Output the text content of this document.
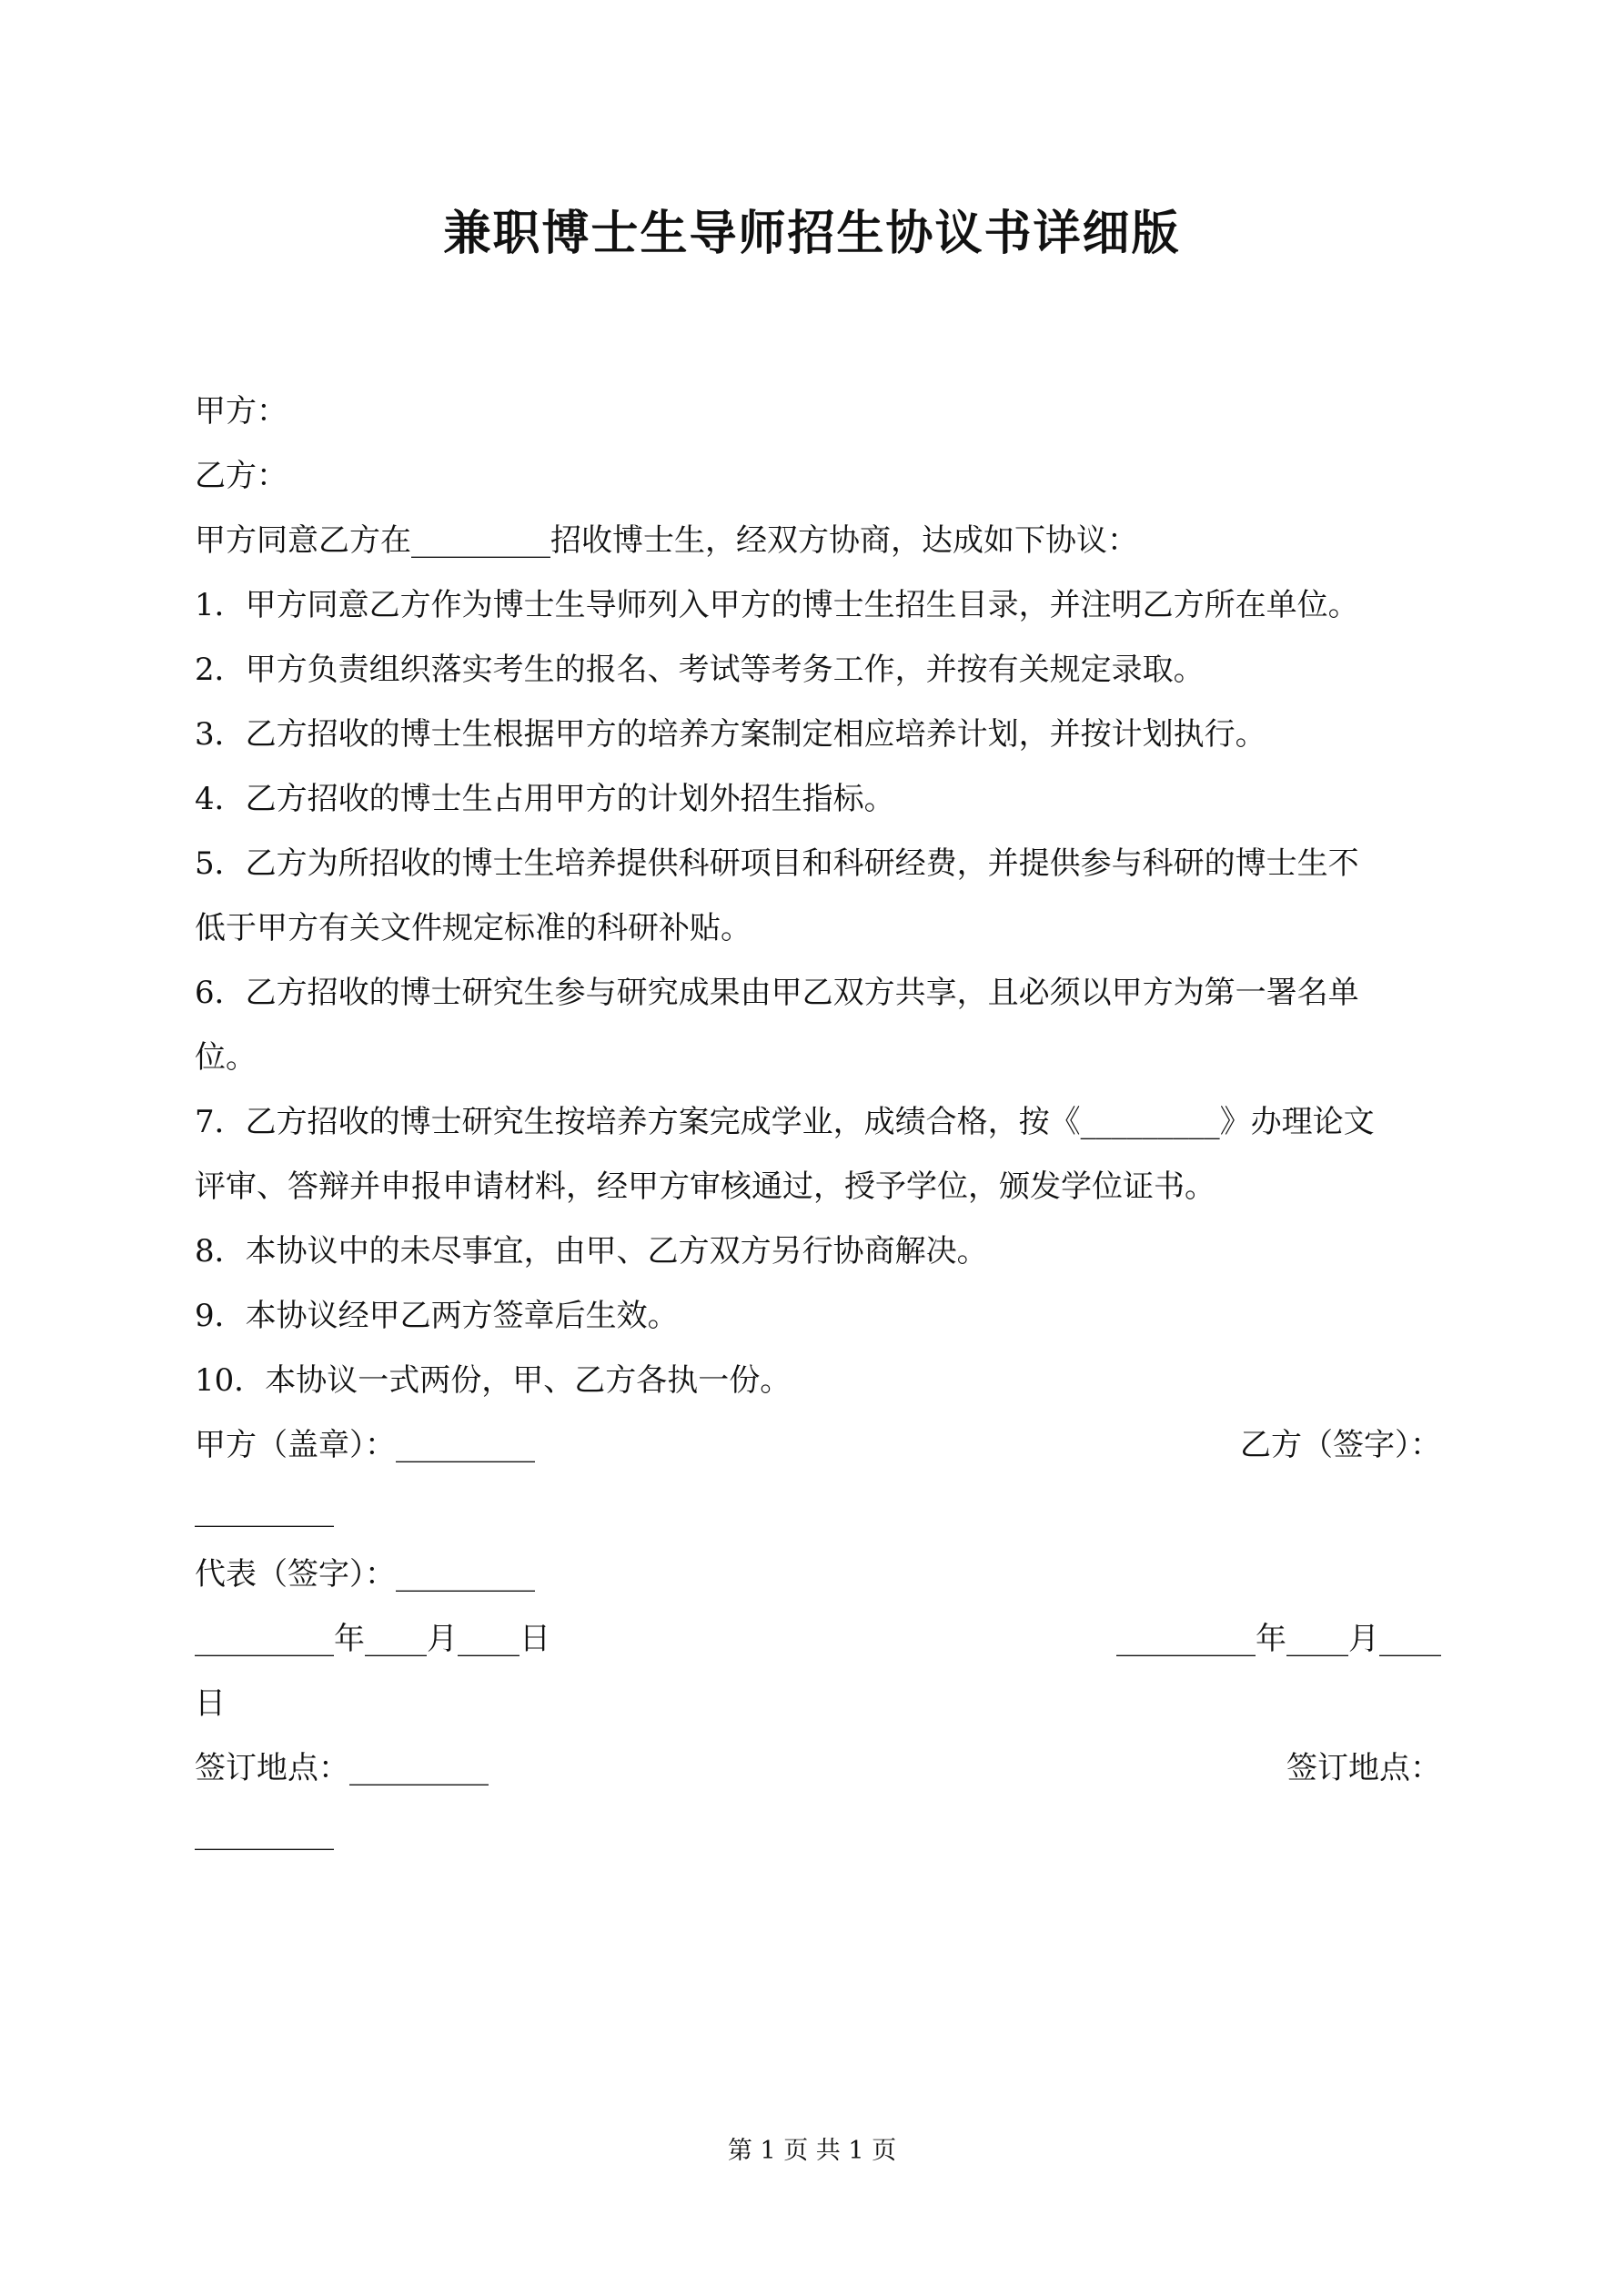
兼职博士生导师招生协议书详细版
甲方：
乙方：
甲方同意乙方在_________招收博士生，经双方协商，达成如下协议：
1．甲方同意乙方作为博士生导师列入甲方的博士生招生目录，并注明乙方所在单位。
2．甲方负责组织落实考生的报名、考试等考务工作，并按有关规定录取。
3．乙方招收的博士生根据甲方的培养方案制定相应培养计划，并按计划执行。
4．乙方招收的博士生占用甲方的计划外招生指标。
5．乙方为所招收的博士生培养提供科研项目和科研经费，并提供参与科研的博士生不
低于甲方有关文件规定标准的科研补贴。
6．乙方招收的博士研究生参与研究成果由甲乙双方共享，且必须以甲方为第一署名单
位。
7．乙方招收的博士研究生按培养方案完成学业，成绩合格，按《_________》办理论文
评审、答辩并申报申请材料，经甲方审核通过，授予学位，颁发学位证书。
8．本协议中的未尽事宜，由甲、乙方双方另行协商解决。
9．本协议经甲乙两方签章后生效。
10．本协议一式两份，甲、乙方各执一份。
甲方（盖章）：_________	乙方（签字）：
_________
代表（签字）：_________
_________年____月____日	_________年____月____
日
签订地点：_________	签订地点：
_________
第 1 页 共 1 页
